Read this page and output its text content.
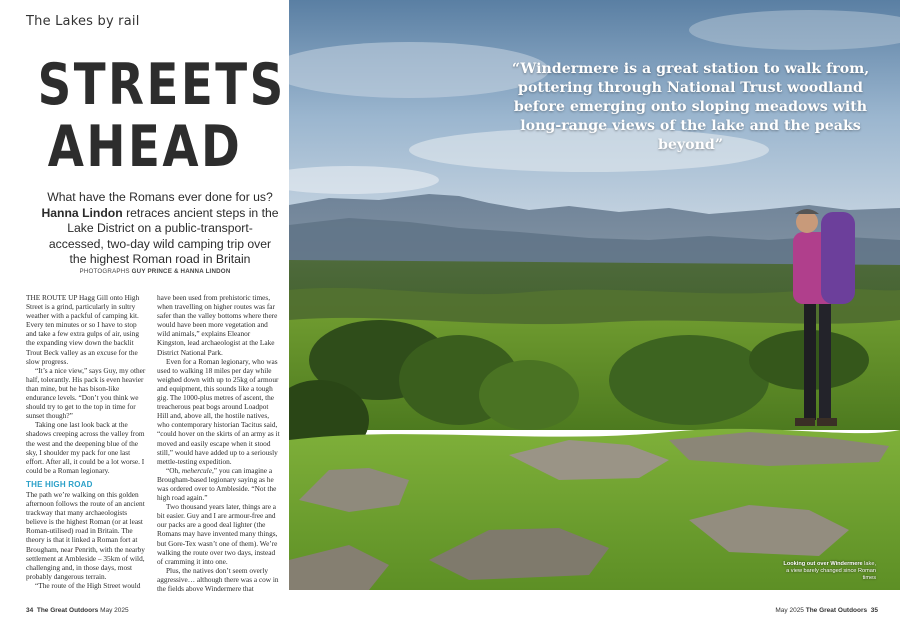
The Lakes by rail
STREETS
AHEAD
What have the Romans ever done for us?
Hanna Lindon retraces ancient steps in the Lake District on a public-transport-accessed, two-day wild camping trip over the highest Roman road in Britain
PHOTOGRAPHS GUY PRINCE & HANNA LINDON

THE ROUTE UP Hagg Gill onto High Street is a grind, particularly in sultry weather with a packful of camping kit. Every ten minutes or so I have to stop and take a few extra gulps of air, using the expanding view down the backlit Trout Beck valley as an excuse for the slow progress.

“It’s a nice view,” says Guy, my other half, tolerantly. His pack is even heavier than mine, but he has bison-like endurance levels. “Don’t you think we should try to get to the top in time for sunset though?”

Taking one last look back at the shadows creeping across the valley from the west and the deepening blue of the sky, I shoulder my pack for one last effort. After all, it could be a lot worse. I could be a Roman legionary.

THE HIGH ROAD

The path we’re walking on this golden afternoon follows the route of an ancient trackway that many archaeologists believe is the highest Roman (or at least Roman-utilised) road in Britain. The theory is that it linked a Roman fort at Brougham, near Penrith, with the nearby settlement at Ambleside – 35km of wild, challenging and, in those days, most probably dangerous terrain.

“The route of the High Street would

have been used from prehistoric times, when travelling on higher routes was far safer than the valley bottoms where there would have been more vegetation and wild animals,” explains Eleanor Kingston, lead archaeologist at the Lake District National Park.

Even for a Roman legionary, who was used to walking 18 miles per day while weighed down with up to 25kg of armour and equipment, this sounds like a tough gig. The 1000-plus metres of ascent, the treacherous peat bogs around Loadpot Hill and, above all, the hostile natives, who contemporary historian Tacitus said, “could hover on the skirts of an army as it moved and easily escape when it stood still,” would have added up to a seriously mettle-testing expedition.

“Oh, mehercule,” you can imagine a Brougham-based legionary saying as he was ordered over to Ambleside. “Not the high road again.”

Two thousand years later, things are a bit easier. Guy and I are armour-free and our packs are a good deal lighter (the Romans may have invented many things, but Gore-Tex wasn’t one of them). We’re walking the route over two days, instead of cramming it into one.

Plus, the natives don’t seem overly aggressive… although there was a cow in the fields above Windermere that

“Windermere is a great station to walk from, pottering through National Trust woodland before emerging onto sloping meadows with long-range views of the lake and the peaks beyond”
Looking out over Windermere lake, a view barely changed since Roman times
34 The Great Outdoors May 2025	May 2025 The Great Outdoors 35
